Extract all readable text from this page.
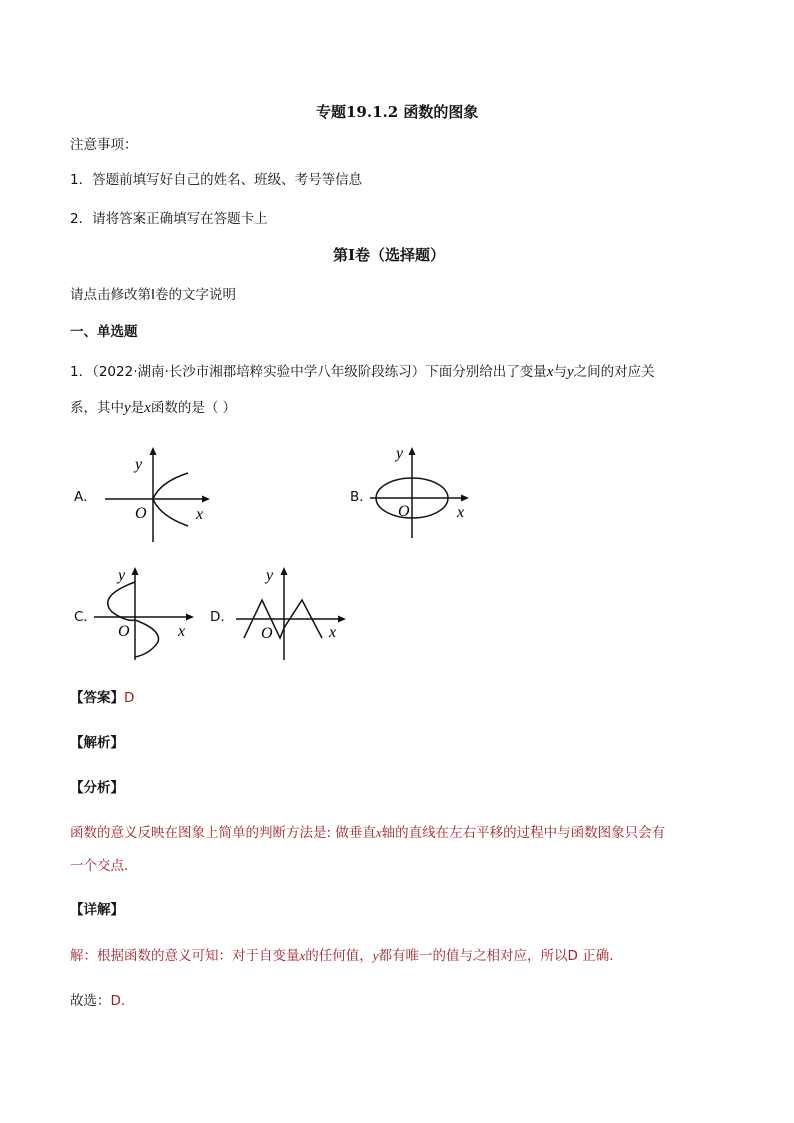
专题19.1.2 函数的图象
注意事项：
1．答题前填写好自己的姓名、班级、考号等信息
2．请将答案正确填写在答题卡上
第I卷（选择题）
请点击修改第I卷的文字说明
一、单选题
1．（2022·湖南·长沙市湘郡培粹实验中学八年级阶段练习）下面分别给出了变量x与y之间的对应关
系，其中y是x函数的是（ ）
A．
y
O	x
B．
y
O	x
C．
y
O	x
D．
y
O	x
【答案】D
【解析】
【分析】
函数的意义反映在图象上简单的判断方法是: 做垂直x轴的直线在左右平移的过程中与函数图象只会有
一个交点．
【详解】
解：根据函数的意义可知：对于自变量x的任何值，y都有唯一的值与之相对应，所以D 正确．
故选：D．
